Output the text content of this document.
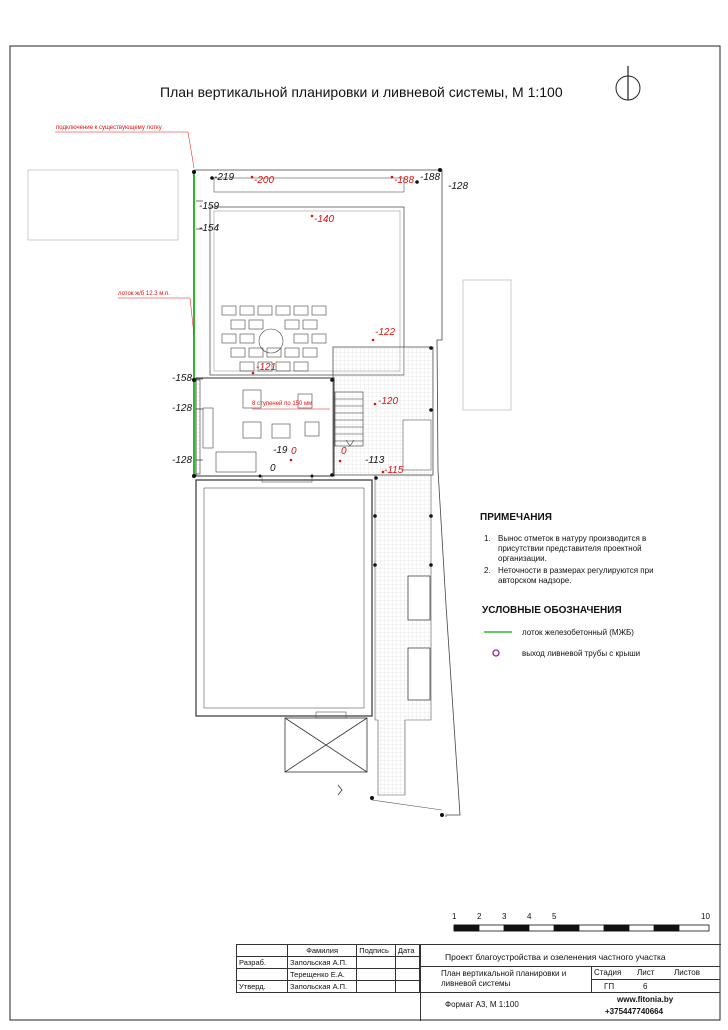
План вертикальной планировки и ливневой системы, М 1:100
подключение к существующему лотку
лоток ж/б 12.3 м.п.
8 ступеней по 150 мм
-200	-188
-140
-122
-121
-120
-115
0	0
-219	-188
-128
-159
-154
-158
-128
-128
-19
0
-113
ПРИМЕЧАНИЯ
1. Вынос отметок в натуру производится в присутствии представителя проектной организации.
2. Неточности в размерах регулируются при авторском надзоре.
УСЛОВНЫЕ ОБОЗНАЧЕНИЯ
лоток железобетонный (МЖБ)
выход ливневой трубы с крыши
1	2	3	4	5	10
	Фамилия	Подпись	Дата
Разраб.	Запольская А.П.		
	Терещенко Е.А.		
Утверд.	Запольская А.П.		

Проект благоустройства и озеленения частного участка
План вертикальной планировки и ливневой системы
Стадия Лист Листов
ГП	6
Формат А3, М 1:100
www.fitonia.by
+375447740664
